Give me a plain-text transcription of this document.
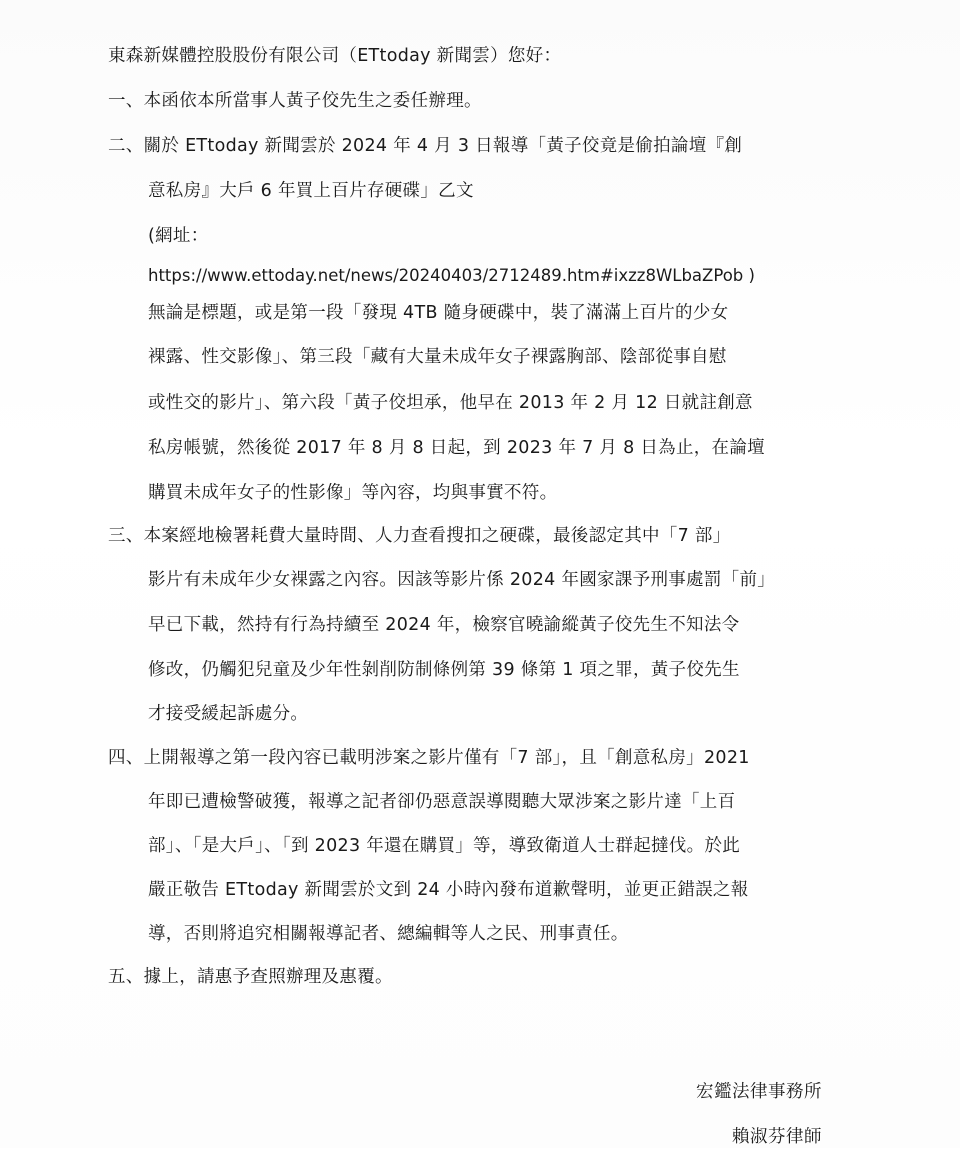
東森新媒體控股股份有限公司（ETtoday 新聞雲）您好：
一、本函依本所當事人黃子佼先生之委任辦理。
二、關於 ETtoday 新聞雲於 2024 年 4 月 3 日報導「黃子佼竟是偷拍論壇『創
意私房』大戶 6 年買上百片存硬碟」乙文
(網址：
https://www.ettoday.net/news/20240403/2712489.htm#ixzz8WLbaZPob )
無論是標題，或是第一段「發現 4TB 隨身硬碟中，裝了滿滿上百片的少女
裸露、性交影像」、第三段「藏有大量未成年女子裸露胸部、陰部從事自慰
或性交的影片」、第六段「黃子佼坦承，他早在 2013 年 2 月 12 日就註創意
私房帳號，然後從 2017 年 8 月 8 日起，到 2023 年 7 月 8 日為止，在論壇
購買未成年女子的性影像」等內容，均與事實不符。
三、本案經地檢署耗費大量時間、人力查看搜扣之硬碟，最後認定其中「7 部」
影片有未成年少女裸露之內容。因該等影片係 2024 年國家課予刑事處罰「前」
早已下載，然持有行為持續至 2024 年，檢察官曉諭縱黃子佼先生不知法令
修改，仍觸犯兒童及少年性剝削防制條例第 39 條第 1 項之罪，黃子佼先生
才接受緩起訴處分。
四、上開報導之第一段內容已載明涉案之影片僅有「7 部」，且「創意私房」2021
年即已遭檢警破獲，報導之記者卻仍惡意誤導閱聽大眾涉案之影片達「上百
部」、「是大戶」、「到 2023 年還在購買」等，導致衛道人士群起撻伐。於此
嚴正敬告 ETtoday 新聞雲於文到 24 小時內發布道歉聲明，並更正錯誤之報
導，否則將追究相關報導記者、總編輯等人之民、刑事責任。
五、據上，請惠予查照辦理及惠覆。
宏鑑法律事務所
賴淑芬律師
